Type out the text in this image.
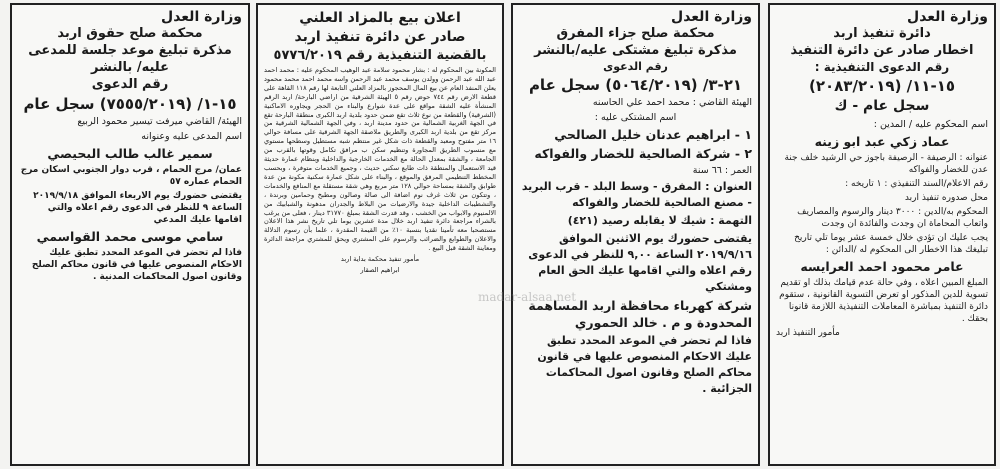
وزارة العدل
دائرة تنفيذ اربد
اخطار صادر عن دائرة التنفيذ
رقم الدعوى التنفيذية :
١٥-١١/ (٢٠٨٣/٢٠١٩)
سجل عام - ك
اسم المحكوم عليه / المدين :
عماد زكي عبد ابو زينه
عنوانه : الرصيفة - الرصيفة باجوز حي الرشيد خلف جنة عدن للخضار والفواكه
رقم الاعلام/السند التنفيذي : ١ تاريخه :
محل صدوره تنفيذ اربد
المحكوم به/الدين : ٣٠٠٠ دينار والرسوم والمصاريف واتعاب المحاماة ان وجدت والفائدة ان وجدت
يجب عليك ان تؤدي خلال خمسة عشر يوما تلي تاريخ تبليغك هذا الاخطار الى المحكوم له /الدائن :
عامر محمود احمد العرايسه
المبلغ المبين اعلاه ، وفي حالة عدم قيامك بذلك او تقديم تسوية للدين المذكور او تعرض التسوية القانونية ، ستقوم دائرة التنفيذ بمباشرة المعاملات التنفيذية اللازمة قانونا بحقك .
مأمور التنفيذ اربد
وزارة العدل
محكمة صلح جزاء المفرق
مذكرة تبليغ مشتكى عليه/بالنشر
رقم الدعوى
٢١-٣/ (٥٠٦٤/٢٠١٩) سجل عام
الهيئة القاضي : محمد احمد علي الحاسنه
اسم المشتكى عليه :
١ - ابراهيم عدنان خليل الصالحي
٢ - شركة الصالحية للخضار والفواكه
العمر : ٦٦ سنة
العنوان : المفرق - وسط البلد - قرب البريد - مصنع الصالحية للخضار والفواكه
التهمة : شيك لا يقابله رصيد (٤٢١)
يقتضى حضورك يوم الاثنين الموافق ٢٠١٩/٩/١٦ الساعة ٩,٠٠ للنظر في الدعوى رقم اعلاه والتي اقامها عليك الحق العام ومشتكي
شركة كهرباء محافظة اربد المساهمة المحدودة و م . خالد الحموري
فاذا لم تحضر في الموعد المحدد تطبق عليك الاحكام المنصوص عليها في قانون محاكم الصلح وقانون اصول المحاكمات الجزائية .
اعلان بيع بالمزاد العلني
صادر عن دائرة تنفيذ اربد
بالقضية التنفيذية رقم ٥٧٧٦/٢٠١٩
المكونة بين المحكوم له : بشار محمود سلامة عبد الوهيب المحكوم عليه : محمد احمد عبد الله عبد الرحمن وولدن يوسف محمد عبد الرحمن واسه محمد احمد محمد محمود يعلن المنفذ العام عن بيع المال المحجوز بالمزاد العلني التابعة لها رقم ١١٨ القاهة على قطعة الارض رقم ٧٤٤ حوض رقم ٥ الهيئة الشرقية من اراضي البارحة/ اربد الرقم المنشأة عليه الشقة مواقع على عدة شوارع والبناء من الحجر ويجاوره الاماكنية (الشرقية) والقطعة من نوع ثلاث تقع ضمن حدود بلدية اربد الكبرى منطقة البارحة تقع في الجهة الغربية الشمالية من حدود مدينة اربد ، وفي الجهة الشمالية الشرقية من مركز تقع من بلدية اربد الكبرى والطريق ملاصقة الجهة الشرقية على مسافة حوالي ١٦ متر مفتوح ومعبد والقطعة ذات شكل غير منتظم شبه مستطيل وسطحها مستوي مع منسوب الطريق المجاورة وتنظيم سكن ب مرافق تكامل وقوتها بالقرب من الجامعة ، والشقة بمعدل الحالة مع الخدمات الخارجية والداخلية وبنظام عمارة حديثة قيد الاستعمال والمنطقة ذات طابع سكني حديث ، وجميع الخدمات متوفرة ، وبحسب المخطط التنظيمي المرفق والموقع ، والبناء على شكل عمارة سكنية مكونة من عدة طوابق والشقة بمساحة حوالي ١٢٨ متر مربع وهي شقة مستقلة مع المنافع والخدمات ، وتتكون من ثلاث غرف نوم اضافة الى صالة وصالون ومطبخ وحمامين وبرندة ، والتشطيبات الداخلية جيدة والارضيات من البلاط والجدران مدهونة والشبابيك من الالمنيوم والابواب من الخشب ، وقد قدرت الشقة بمبلغ ٣١٧٧٠ دينار ، فعلى من يرغب بالشراء مراجعة دائرة تنفيذ اربد خلال مدة عشرين يوما تلي تاريخ نشر هذا الاعلان مستصحبا معه تأمينا نقديا بنسبة ١٠٪ من القيمة المقدرة ، علما بأن رسوم الدلالة والاعلان والطوابع والضرائب والرسوم على المشتري ويحق للمشتري مراجعة الدائرة ومعاينة الشقة قبل البيع .
مأمور تنفيذ محكمة بداية اربد
ابراهيم الصقار
وزارة العدل
محكمة صلح حقوق اربد
مذكرة تبليغ موعد جلسة للمدعى عليه/ بالنشر
رقم الدعوى
١٥-١/ (٧٥٥٥/٢٠١٩) سجل عام
الهيئة/ القاضي ميرفت تيسير محمود الربيع
اسم المدعى عليه وعنوانه
سمير غالب طالب البحيصي
عمان/ مرج الحمام ، قرب دوار الجنوبي اسكان مرج الحمام عماره ٥٧
يقتضى حضورك يوم الاربعاء الموافق ٢٠١٩/٩/١٨ الساعة ٩ للنظر في الدعوى رقم اعلاه والتي اقامها عليك المدعي
سامي موسى محمد القواسمي
فاذا لم تحضر في الموعد المحدد تطبق عليك الاحكام المنصوص عليها في قانون محاكم الصلح وقانون اصول المحاكمات المدنية .
madar-alsaa.net
